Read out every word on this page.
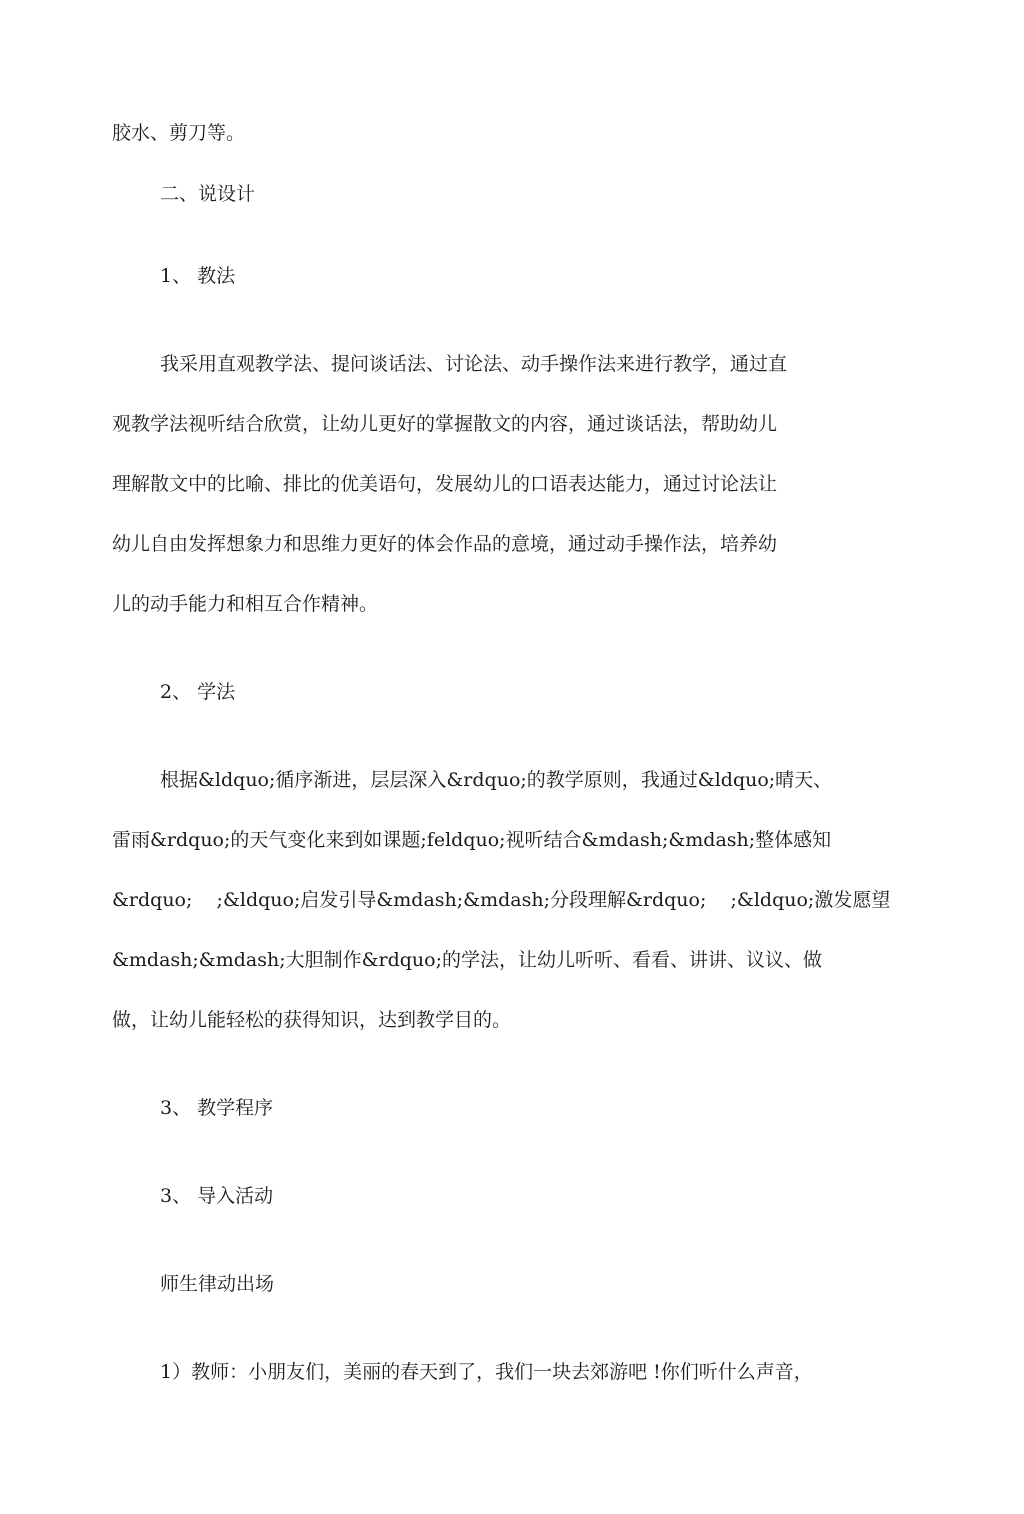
胶水、剪刀等。

二、说设计

1、 教法

我采用直观教学法、提问谈话法、讨论法、动手操作法来进行教学，通过直

观教学法视听结合欣赏，让幼儿更好的掌握散文的内容，通过谈话法，帮助幼儿

理解散文中的比喻、排比的优美语句，发展幼儿的口语表达能力，通过讨论法让

幼儿自由发挥想象力和思维力更好的体会作品的意境，通过动手操作法，培养幼

儿的动手能力和相互合作精神。

2、 学法

根据&ldquo;循序渐进，层层深入&rdquo;的教学原则，我通过&ldquo;晴天、

雷雨&rdquo;的天气变化来到如课题;feldquo;视听结合&mdash;&mdash;整体感知

&rdquo;    ;&ldquo;启发引导&mdash;&mdash;分段理解&rdquo;    ;&ldquo;激发愿望

&mdash;&mdash;大胆制作&rdquo;的学法，让幼儿听听、看看、讲讲、议议、做

做，让幼儿能轻松的获得知识，达到教学目的。

3、 教学程序

3、 导入活动

师生律动出场

1）教师：小朋友们，美丽的春天到了，我们一块去郊游吧 !你们听什么声音，
